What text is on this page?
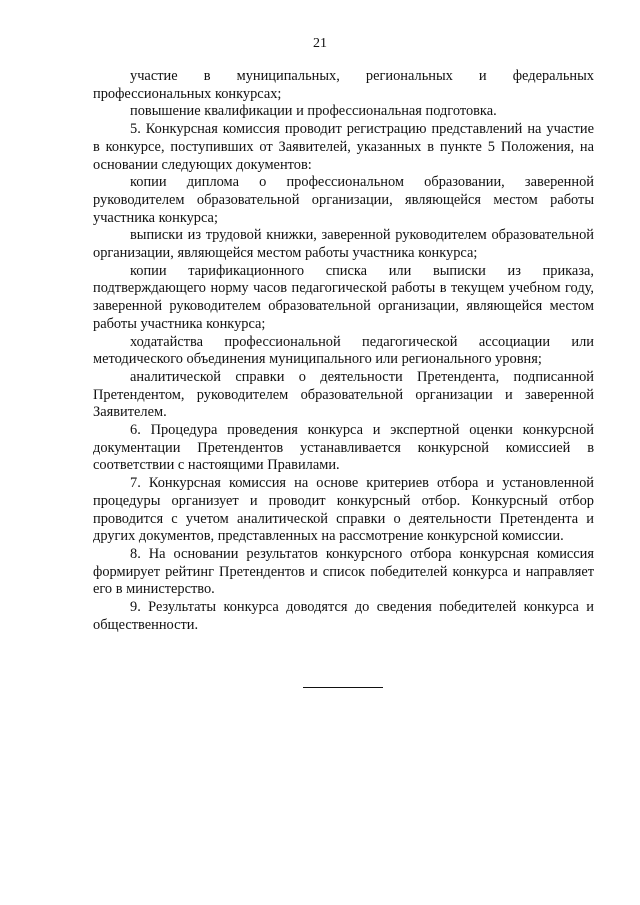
21

участие в муниципальных, региональных и федеральных профессиональных конкурсах;

повышение квалификации и профессиональная подготовка.

5. Конкурсная комиссия проводит регистрацию представлений на участие в конкурсе, поступивших от Заявителей, указанных в пункте 5 Положения, на основании следующих документов:

копии диплома о профессиональном образовании, заверенной руководителем образовательной организации, являющейся местом работы участника конкурса;

выписки из трудовой книжки, заверенной руководителем образовательной организации, являющейся местом работы участника конкурса;

копии тарификационного списка или выписки из приказа, подтверждающего норму часов педагогической работы в текущем учебном году, заверенной руководителем образовательной организации, являющейся местом работы участника конкурса;

ходатайства профессиональной педагогической ассоциации или методического объединения муниципального или регионального уровня;

аналитической справки о деятельности Претендента, подписанной Претендентом, руководителем образовательной организации и заверенной Заявителем.

6. Процедура проведения конкурса и экспертной оценки конкурсной документации Претендентов устанавливается конкурсной комиссией в соответствии с настоящими Правилами.

7. Конкурсная комиссия на основе критериев отбора и установленной процедуры организует и проводит конкурсный отбор. Конкурсный отбор проводится с учетом аналитической справки о деятельности Претендента и других документов, представленных на рассмотрение конкурсной комиссии.

8. На основании результатов конкурсного отбора конкурсная комиссия формирует рейтинг Претендентов и список победителей конкурса и направляет его в министерство.

9. Результаты конкурса доводятся до сведения победителей конкурса и общественности.
